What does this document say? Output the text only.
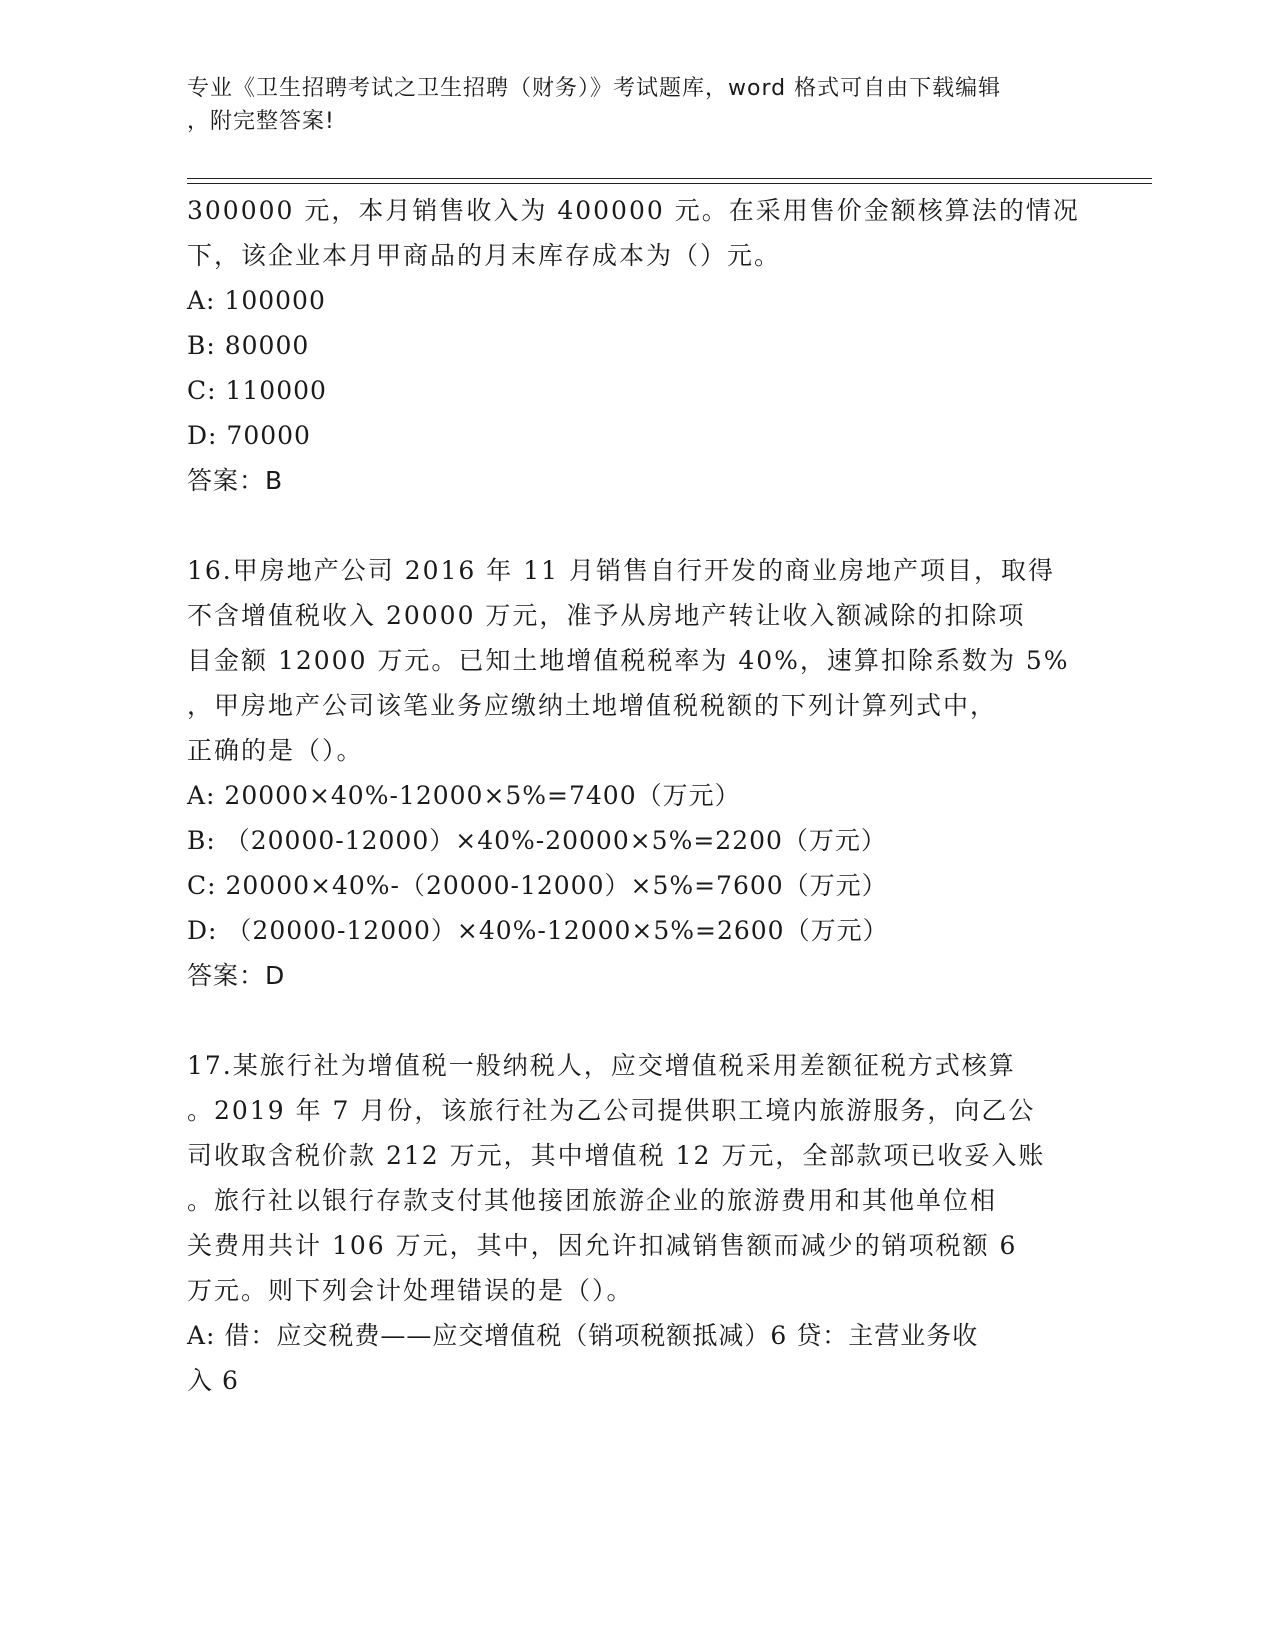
专业《卫生招聘考试之卫生招聘（财务）》考试题库，word 格式可自由下载编辑
，附完整答案!

300000 元，本月销售收入为 400000 元。在采用售价金额核算法的情况
下，该企业本月甲商品的月末库存成本为（）元。

A: 100000

B: 80000

C: 110000

D: 70000

答案：B

16.甲房地产公司 2016 年 11 月销售自行开发的商业房地产项目，取得
不含增值税收入 20000 万元，准予从房地产转让收入额减除的扣除项
目金额 12000 万元。已知土地增值税税率为 40%，速算扣除系数为 5%
，甲房地产公司该笔业务应缴纳土地增值税税额的下列计算列式中，
正确的是（）。

A: 20000×40%-12000×5%=7400（万元）

B: （20000-12000）×40%-20000×5%=2200（万元）

C: 20000×40%-（20000-12000）×5%=7600（万元）

D: （20000-12000）×40%-12000×5%=2600（万元）

答案：D

17.某旅行社为增值税一般纳税人，应交增值税采用差额征税方式核算
。2019 年 7 月份，该旅行社为乙公司提供职工境内旅游服务，向乙公
司收取含税价款 212 万元，其中增值税 12 万元，全部款项已收妥入账
。旅行社以银行存款支付其他接团旅游企业的旅游费用和其他单位相
关费用共计 106 万元，其中，因允许扣减销售额而减少的销项税额 6
万元。则下列会计处理错误的是（）。

A: 借：应交税费——应交增值税（销项税额抵减）6 贷：主营业务收
入 6
